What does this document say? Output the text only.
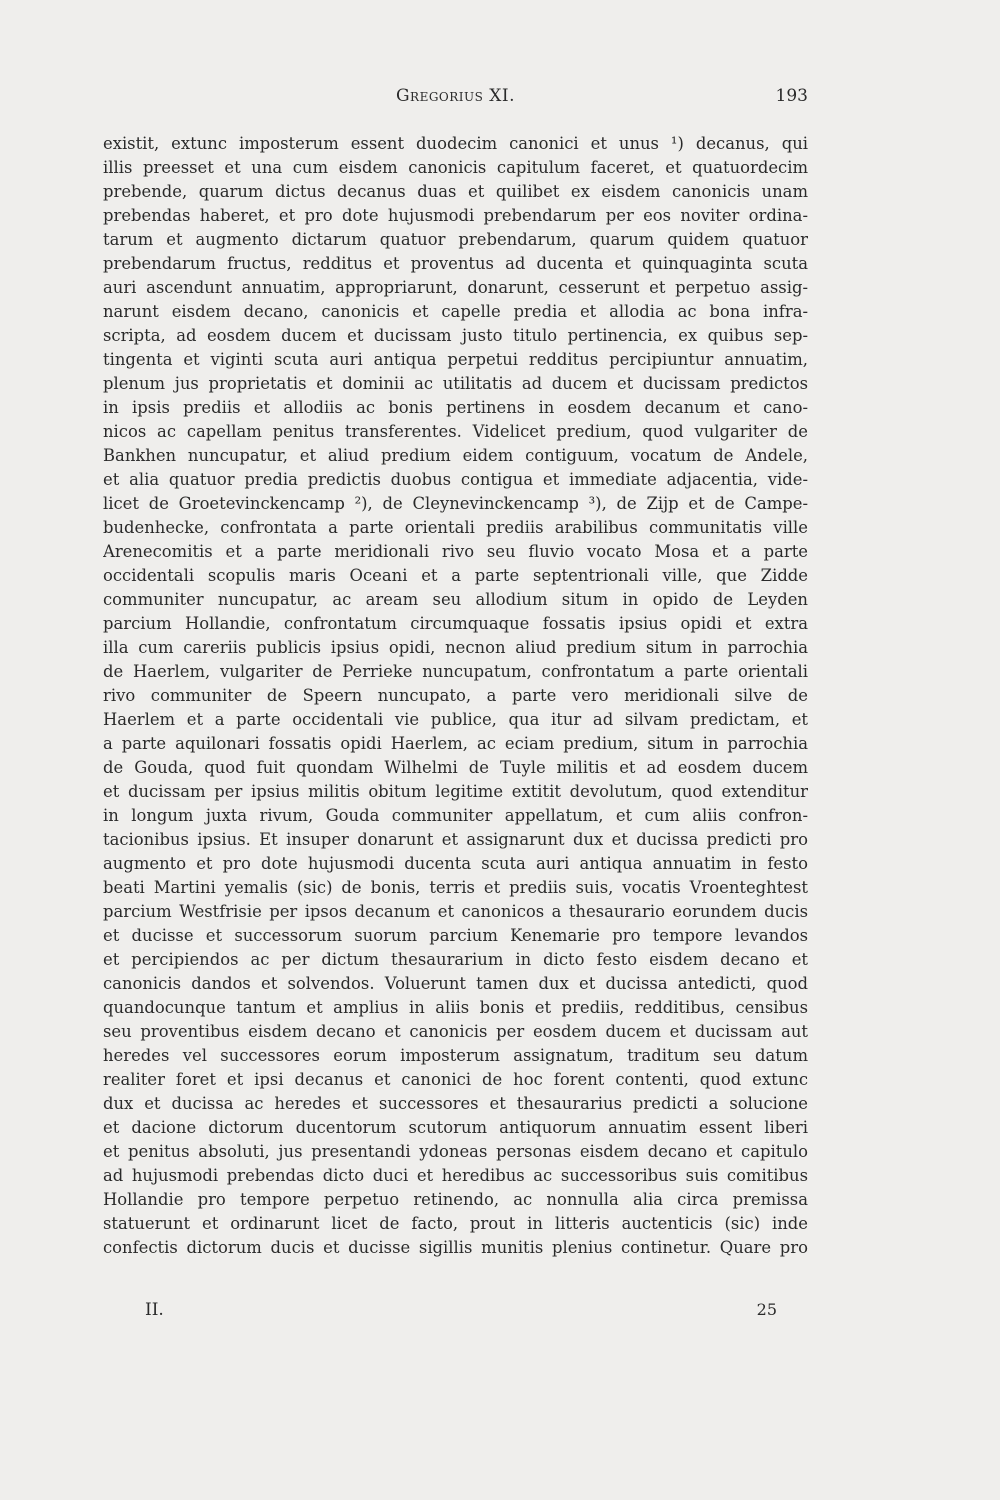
Gregorius XI.	193
existit, extunc imposterum essent duodecim canonici et unus ¹) decanus, qui
illis preesset et una cum eisdem canonicis capitulum faceret, et quatuordecim
prebende, quarum dictus decanus duas et quilibet ex eisdem canonicis unam
prebendas haberet, et pro dote hujusmodi prebendarum per eos noviter ordina-
tarum et augmento dictarum quatuor prebendarum, quarum quidem quatuor
prebendarum fructus, redditus et proventus ad ducenta et quinquaginta scuta
auri ascendunt annuatim, appropriarunt, donarunt, cesserunt et perpetuo assig-
narunt eisdem decano, canonicis et capelle predia et allodia ac bona infra-
scripta, ad eosdem ducem et ducissam justo titulo pertinencia, ex quibus sep-
tingenta et viginti scuta auri antiqua perpetui redditus percipiuntur annuatim,
plenum jus proprietatis et dominii ac utilitatis ad ducem et ducissam predictos
in ipsis prediis et allodiis ac bonis pertinens in eosdem decanum et cano-
nicos ac capellam penitus transferentes. Videlicet predium, quod vulgariter de
Bankhen nuncupatur, et aliud predium eidem contiguum, vocatum de Andele,
et alia quatuor predia predictis duobus contigua et immediate adjacentia, vide-
licet de Groetevinckencamp ²), de Cleynevinckencamp ³), de Zijp et de Campe-
budenhecke, confrontata a parte orientali prediis arabilibus communitatis ville
Arenecomitis et a parte meridionali rivo seu fluvio vocato Mosa et a parte
occidentali scopulis maris Oceani et a parte septentrionali ville, que Zidde
communiter nuncupatur, ac aream seu allodium situm in opido de Leyden
parcium Hollandie, confrontatum circumquaque fossatis ipsius opidi et extra
illa cum careriis publicis ipsius opidi, necnon aliud predium situm in parrochia
de Haerlem, vulgariter de Perrieke nuncupatum, confrontatum a parte orientali
rivo communiter de Speern nuncupato, a parte vero meridionali silve de
Haerlem et a parte occidentali vie publice, qua itur ad silvam predictam, et
a parte aquilonari fossatis opidi Haerlem, ac eciam predium, situm in parrochia
de Gouda, quod fuit quondam Wilhelmi de Tuyle militis et ad eosdem ducem
et ducissam per ipsius militis obitum legitime extitit devolutum, quod extenditur
in longum juxta rivum, Gouda communiter appellatum, et cum aliis confron-
tacionibus ipsius. Et insuper donarunt et assignarunt dux et ducissa predicti pro
augmento et pro dote hujusmodi ducenta scuta auri antiqua annuatim in festo
beati Martini yemalis (sic) de bonis, terris et prediis suis, vocatis Vroenteghtest
parcium Westfrisie per ipsos decanum et canonicos a thesaurario eorundem ducis
et ducisse et successorum suorum parcium Kenemarie pro tempore levandos
et percipiendos ac per dictum thesaurarium in dicto festo eisdem decano et
canonicis dandos et solvendos. Voluerunt tamen dux et ducissa antedicti, quod
quandocunque tantum et amplius in aliis bonis et prediis, redditibus, censibus
seu proventibus eisdem decano et canonicis per eosdem ducem et ducissam aut
heredes vel successores eorum imposterum assignatum, traditum seu datum
realiter foret et ipsi decanus et canonici de hoc forent contenti, quod extunc
dux et ducissa ac heredes et successores et thesaurarius predicti a solucione
et dacione dictorum ducentorum scutorum antiquorum annuatim essent liberi
et penitus absoluti, jus presentandi ydoneas personas eisdem decano et capitulo
ad hujusmodi prebendas dicto duci et heredibus ac successoribus suis comitibus
Hollandie pro tempore perpetuo retinendo, ac nonnulla alia circa premissa
statuerunt et ordinarunt licet de facto, prout in litteris auctenticis (sic) inde
confectis dictorum ducis et ducisse sigillis munitis plenius continetur. Quare pro
II.	25
